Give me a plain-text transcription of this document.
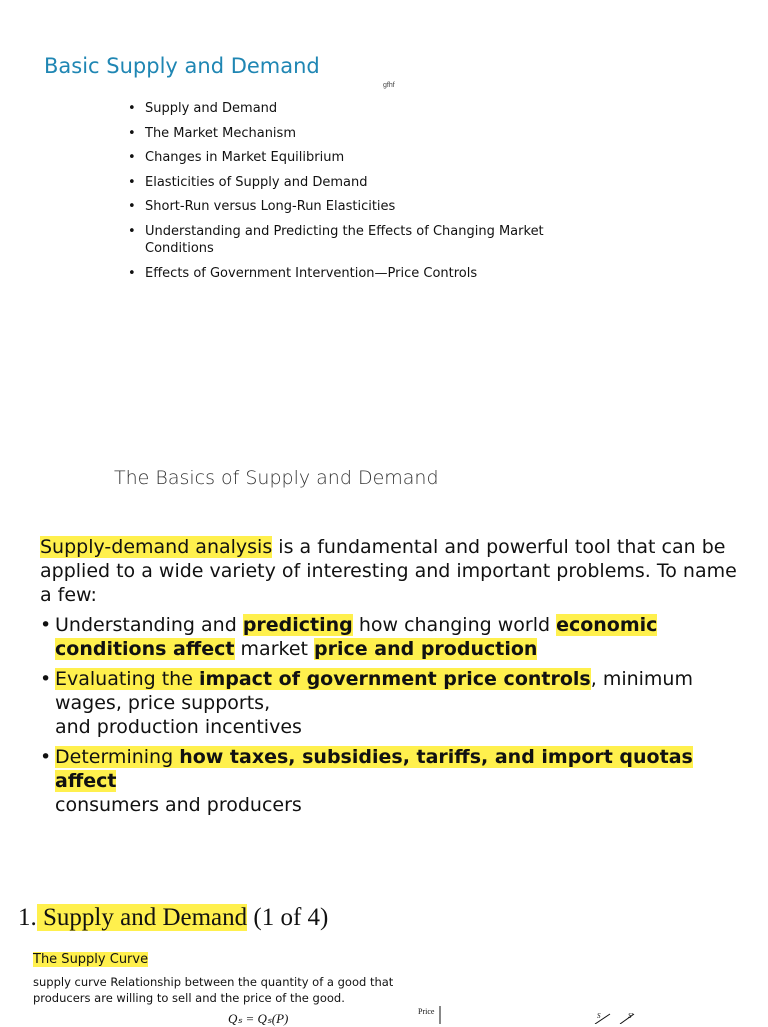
Basic Supply and Demand
gfhf
• Supply and Demand
• The Market Mechanism
• Changes in Market Equilibrium
• Elasticities of Supply and Demand
• Short-Run versus Long-Run Elasticities
• Understanding and Predicting the Effects of Changing Market Conditions
• Effects of Government Intervention—Price Controls
The Basics of Supply and Demand
Supply-demand analysis is a fundamental and powerful tool that can be applied to a wide variety of interesting and important problems. To name a few:
• Understanding and predicting how changing world economic conditions affect market price and production
• Evaluating the impact of government price controls, minimum wages, price supports,
and production incentives
• Determining how taxes, subsidies, tariffs, and import quotas affect
consumers and producers
1. Supply and Demand (1 of 4)
The Supply Curve
supply curve Relationship between the quantity of a good that producers are willing to sell and the price of the good.
Qₛ = Qₛ(P)	Price	S	S'
